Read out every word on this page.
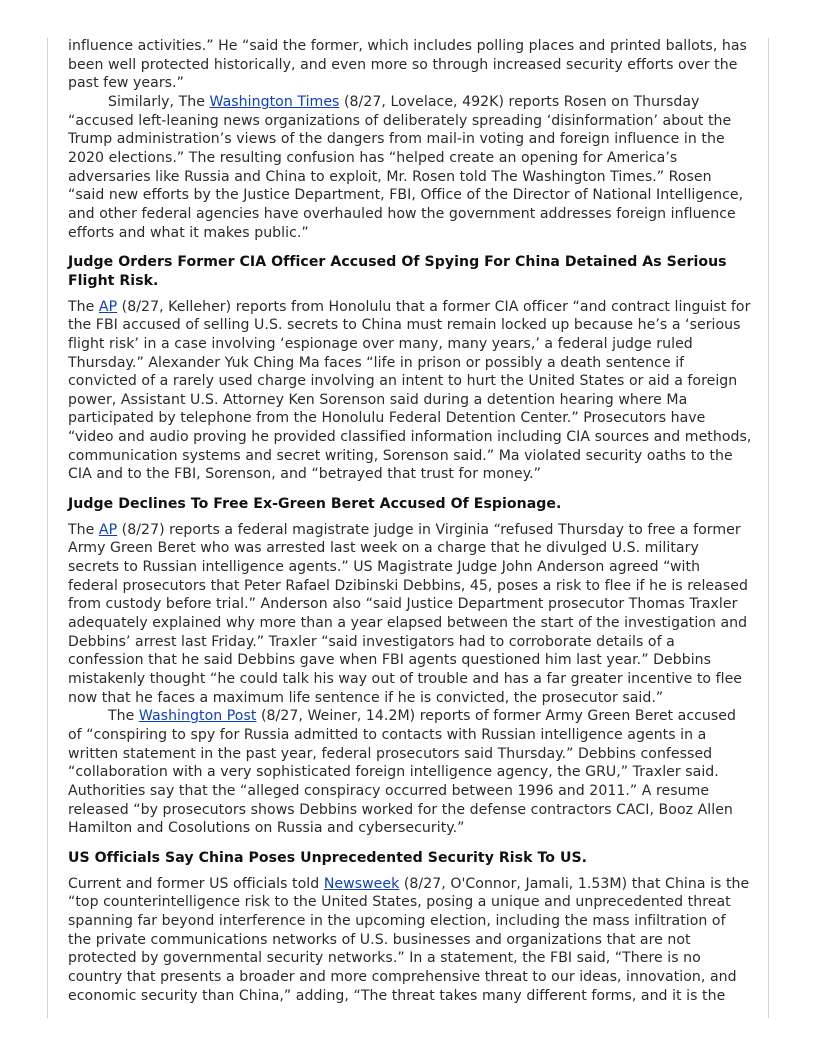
influence activities.” He “said the former, which includes polling places and printed ballots, has been well protected historically, and even more so through increased security efforts over the past few years.”

Similarly, The Washington Times (8/27, Lovelace, 492K) reports Rosen on Thursday “accused left-leaning news organizations of deliberately spreading ‘disinformation’ about the Trump administration’s views of the dangers from mail-in voting and foreign influence in the 2020 elections.” The resulting confusion has “helped create an opening for America’s adversaries like Russia and China to exploit, Mr. Rosen told The Washington Times.” Rosen “said new efforts by the Justice Department, FBI, Office of the Director of National Intelligence, and other federal agencies have overhauled how the government addresses foreign influence efforts and what it makes public.”

Judge Orders Former CIA Officer Accused Of Spying For China Detained As Serious Flight Risk.

The AP (8/27, Kelleher) reports from Honolulu that a former CIA officer “and contract linguist for the FBI accused of selling U.S. secrets to China must remain locked up because he’s a ‘serious flight risk’ in a case involving ‘espionage over many, many years,’ a federal judge ruled Thursday.” Alexander Yuk Ching Ma faces “life in prison or possibly a death sentence if convicted of a rarely used charge involving an intent to hurt the United States or aid a foreign power, Assistant U.S. Attorney Ken Sorenson said during a detention hearing where Ma participated by telephone from the Honolulu Federal Detention Center.” Prosecutors have “video and audio proving he provided classified information including CIA sources and methods, communication systems and secret writing, Sorenson said.” Ma violated security oaths to the CIA and to the FBI, Sorenson, and “betrayed that trust for money.”

Judge Declines To Free Ex-Green Beret Accused Of Espionage.

The AP (8/27) reports a federal magistrate judge in Virginia “refused Thursday to free a former Army Green Beret who was arrested last week on a charge that he divulged U.S. military secrets to Russian intelligence agents.” US Magistrate Judge John Anderson agreed “with federal prosecutors that Peter Rafael Dzibinski Debbins, 45, poses a risk to flee if he is released from custody before trial.” Anderson also “said Justice Department prosecutor Thomas Traxler adequately explained why more than a year elapsed between the start of the investigation and Debbins’ arrest last Friday.” Traxler “said investigators had to corroborate details of a confession that he said Debbins gave when FBI agents questioned him last year.” Debbins mistakenly thought “he could talk his way out of trouble and has a far greater incentive to flee now that he faces a maximum life sentence if he is convicted, the prosecutor said.”

The Washington Post (8/27, Weiner, 14.2M) reports of former Army Green Beret accused of “conspiring to spy for Russia admitted to contacts with Russian intelligence agents in a written statement in the past year, federal prosecutors said Thursday.” Debbins confessed “collaboration with a very sophisticated foreign intelligence agency, the GRU,” Traxler said. Authorities say that the “alleged conspiracy occurred between 1996 and 2011.” A resume released “by prosecutors shows Debbins worked for the defense contractors CACI, Booz Allen Hamilton and Cosolutions on Russia and cybersecurity.”

US Officials Say China Poses Unprecedented Security Risk To US.

Current and former US officials told Newsweek (8/27, O'Connor, Jamali, 1.53M) that China is the “top counterintelligence risk to the United States, posing a unique and unprecedented threat spanning far beyond interference in the upcoming election, including the mass infiltration of the private communications networks of U.S. businesses and organizations that are not protected by governmental security networks.” In a statement, the FBI said, “There is no country that presents a broader and more comprehensive threat to our ideas, innovation, and economic security than China,” adding, “The threat takes many different forms, and it is the
